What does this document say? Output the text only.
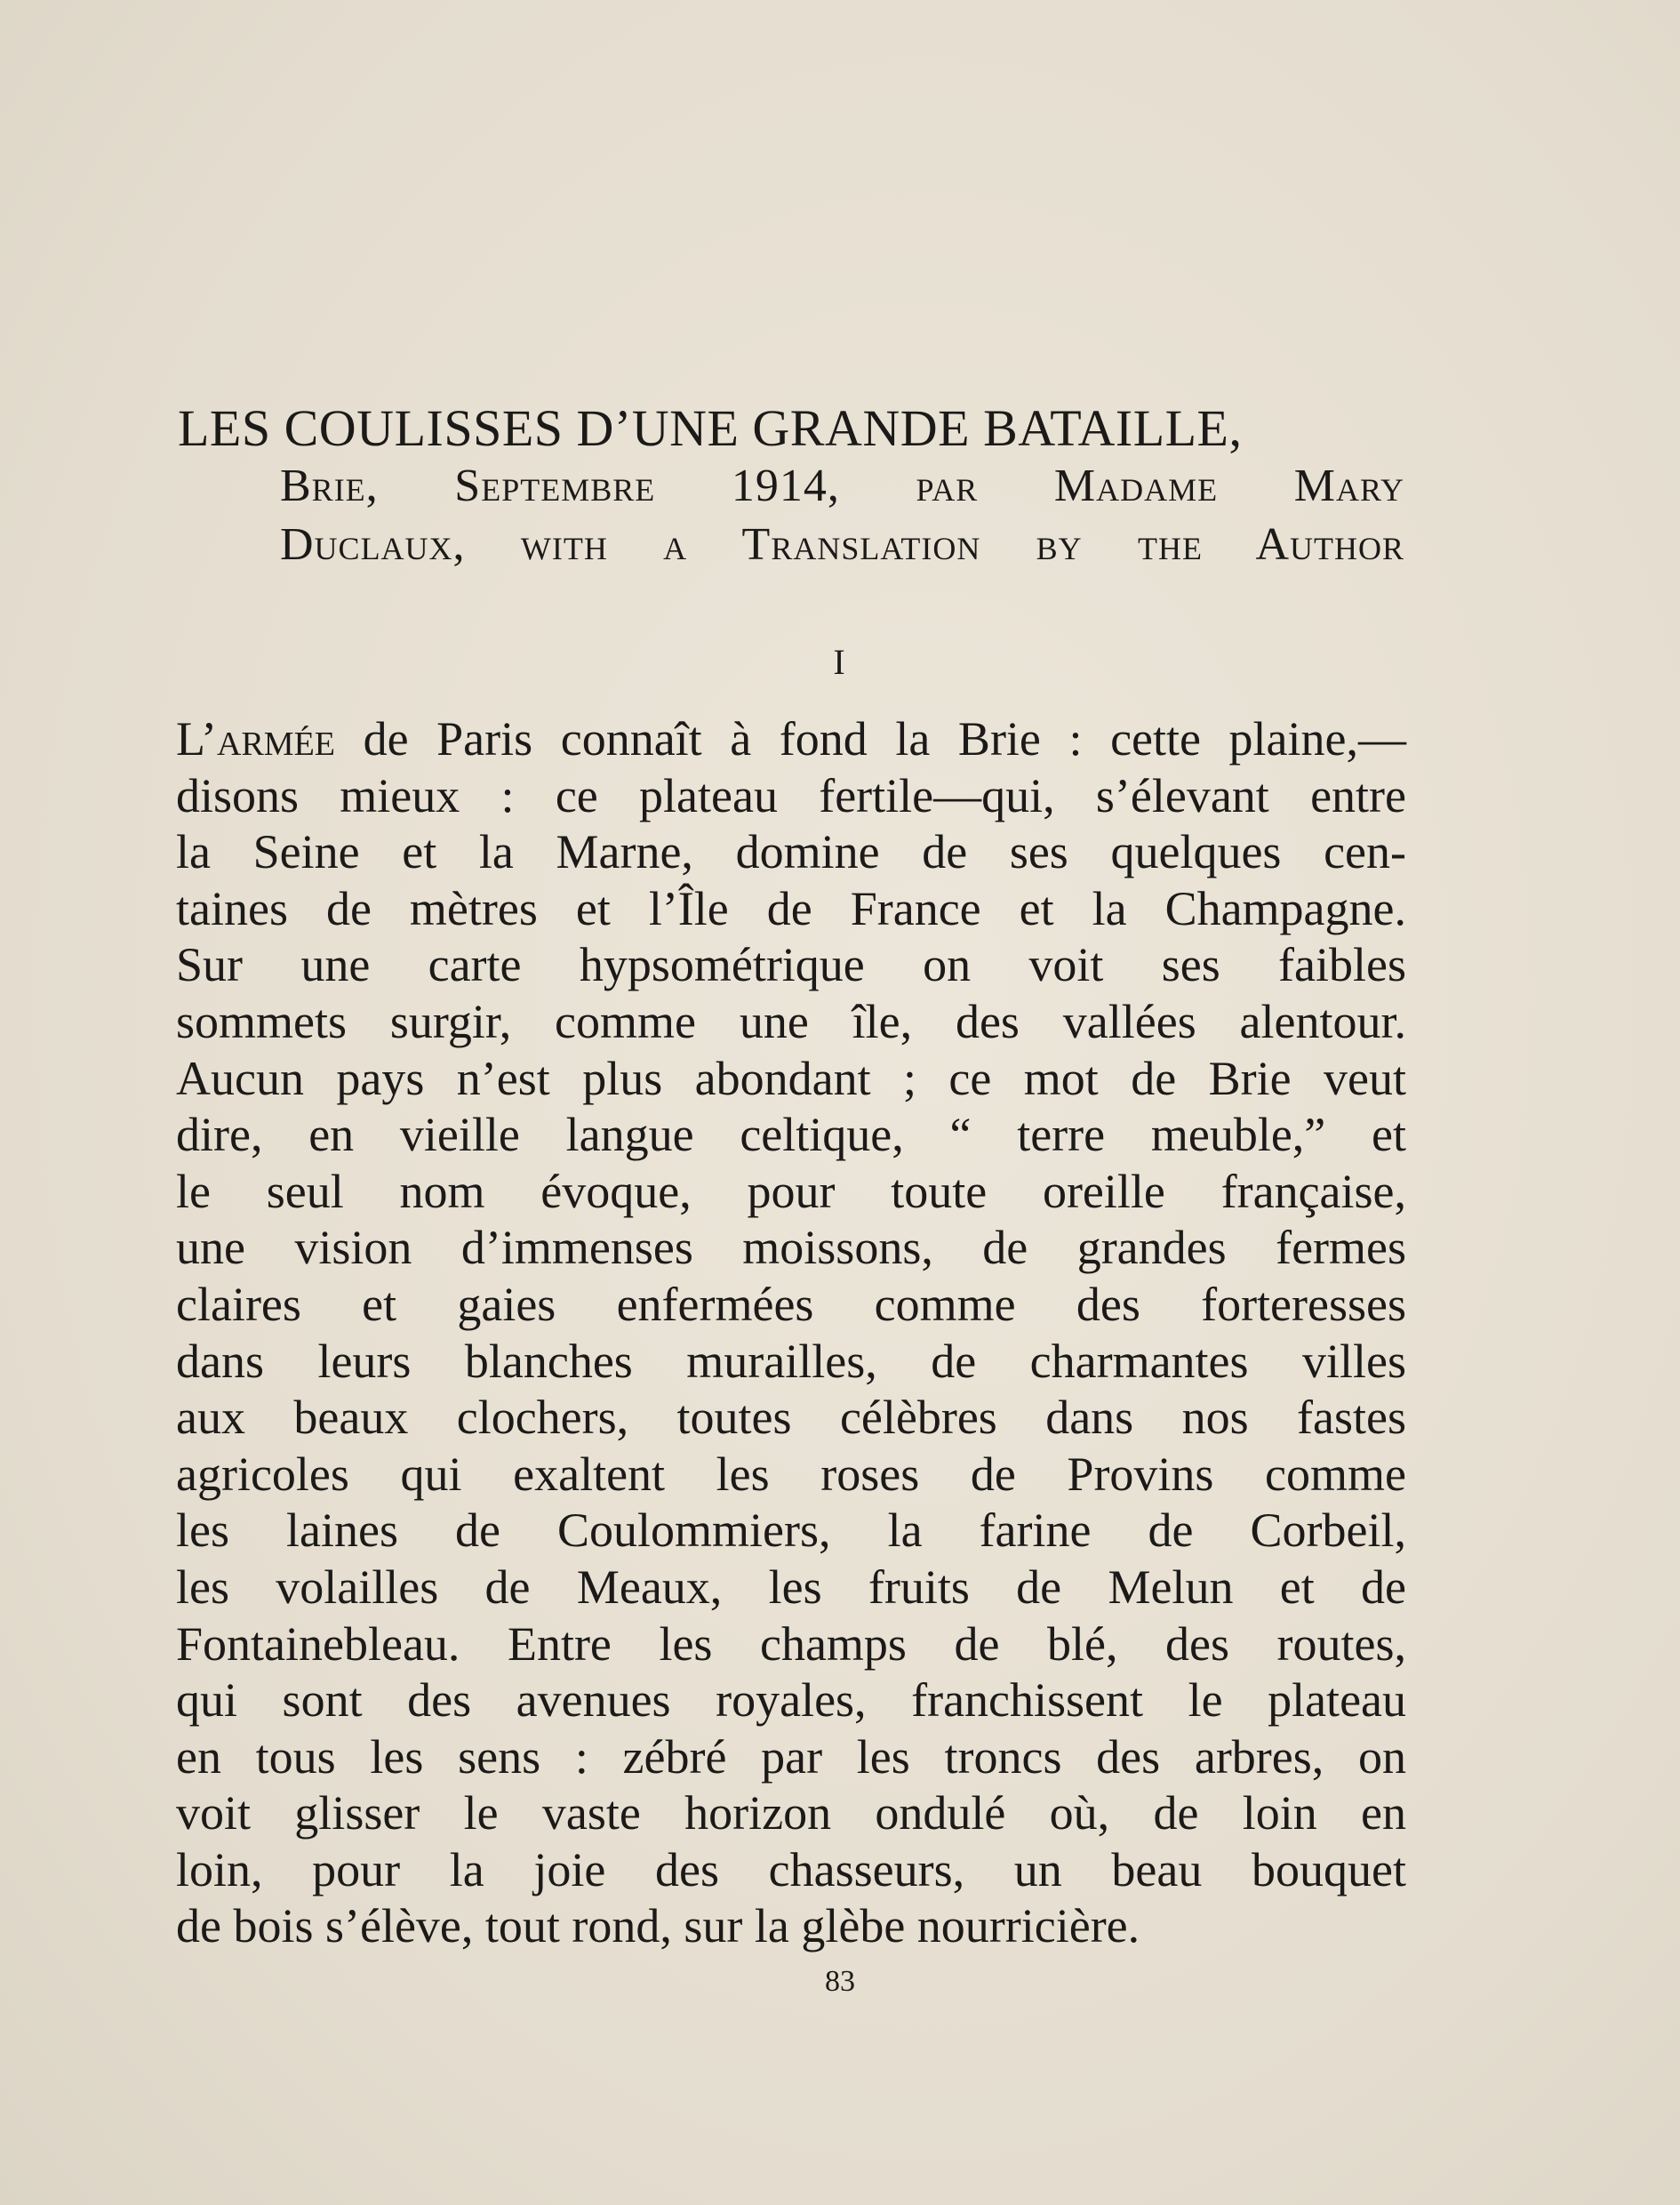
LES COULISSES D’UNE GRANDE BATAILLE,
Brie, Septembre 1914, par Madame Mary
Duclaux, with a Translation by the Author
I
L’armée de Paris connaît à fond la Brie : cette plaine,—
disons mieux : ce plateau fertile—qui, s’élevant entre
la Seine et la Marne, domine de ses quelques cen-
taines de mètres et l’Île de France et la Champagne.
Sur une carte hypsométrique on voit ses faibles
sommets surgir, comme une île, des vallées alentour.
Aucun pays n’est plus abondant ; ce mot de Brie veut
dire, en vieille langue celtique, “ terre meuble,” et
le seul nom évoque, pour toute oreille française,
une vision d’immenses moissons, de grandes fermes
claires et gaies enfermées comme des forteresses
dans leurs blanches murailles, de charmantes villes
aux beaux clochers, toutes célèbres dans nos fastes
agricoles qui exaltent les roses de Provins comme
les laines de Coulommiers, la farine de Corbeil,
les volailles de Meaux, les fruits de Melun et de
Fontainebleau. Entre les champs de blé, des routes,
qui sont des avenues royales, franchissent le plateau
en tous les sens : zébré par les troncs des arbres, on
voit glisser le vaste horizon ondulé où, de loin en
loin, pour la joie des chasseurs, un beau bouquet
de bois s’élève, tout rond, sur la glèbe nourricière.
83
